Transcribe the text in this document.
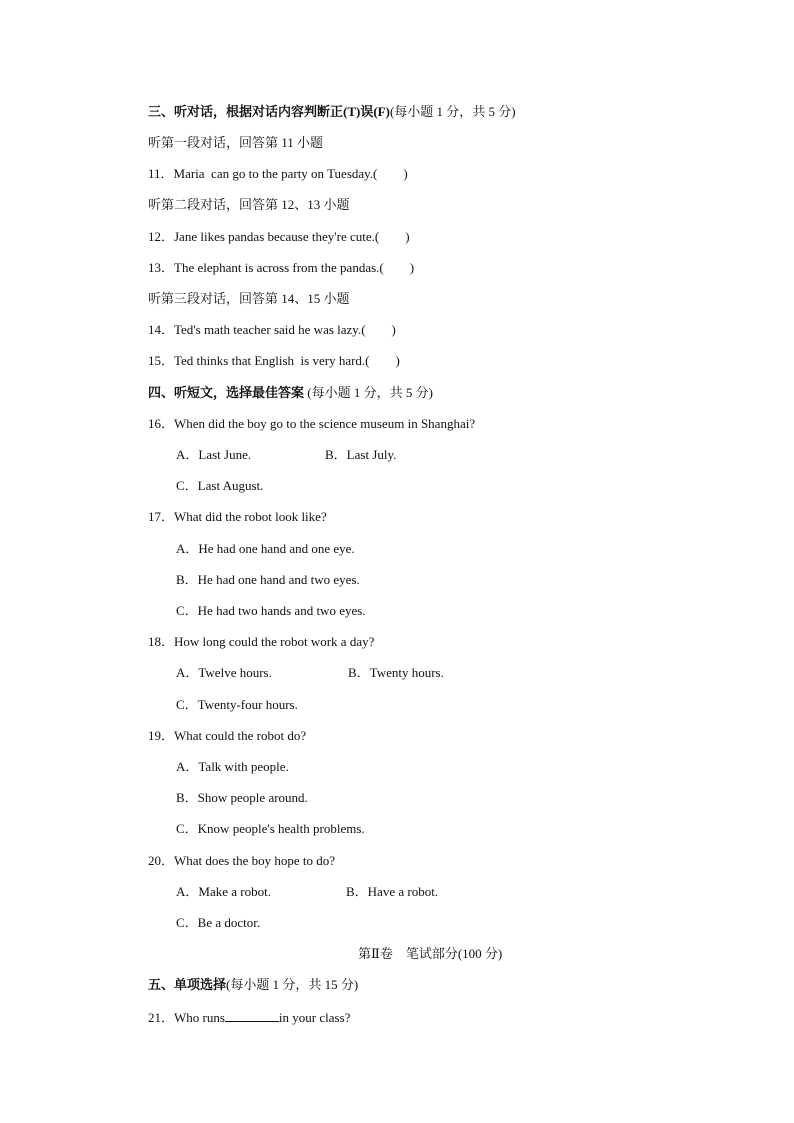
三、听对话，根据对话内容判断正(T)误(F)(每小题 1 分，共 5 分)
听第一段对话，回答第 11 小题
11．Maria  can go to the party on Tuesday.(        )
听第二段对话，回答第 12、13 小题
12．Jane likes pandas because they're cute.(        )
13．The elephant is across from the pandas.(        )
听第三段对话，回答第 14、15 小题
14．Ted's math teacher said he was lazy.(        )
15．Ted thinks that English  is very hard.(        )
四、听短文，选择最佳答案 (每小题 1 分，共 5 分)
16．When did the boy go to the science museum in Shanghai?
A．Last June.	B．Last July.
C．Last August.
17．What did the robot look like?
A．He had one hand and one eye.
B．He had one hand and two eyes.
C．He had two hands and two eyes.
18．How long could the robot work a day?
A．Twelve hours.	B．Twenty hours.
C．Twenty-four hours.
19．What could the robot do?
A．Talk with people.
B．Show people around.
C．Know people's health problems.
20．What does the boy hope to do?
A．Make a robot.	B．Have a robot.
C．Be a doctor.
第Ⅱ卷　笔试部分(100 分)
五、单项选择(每小题 1 分，共 15 分)
21．Who runs	in your class?
